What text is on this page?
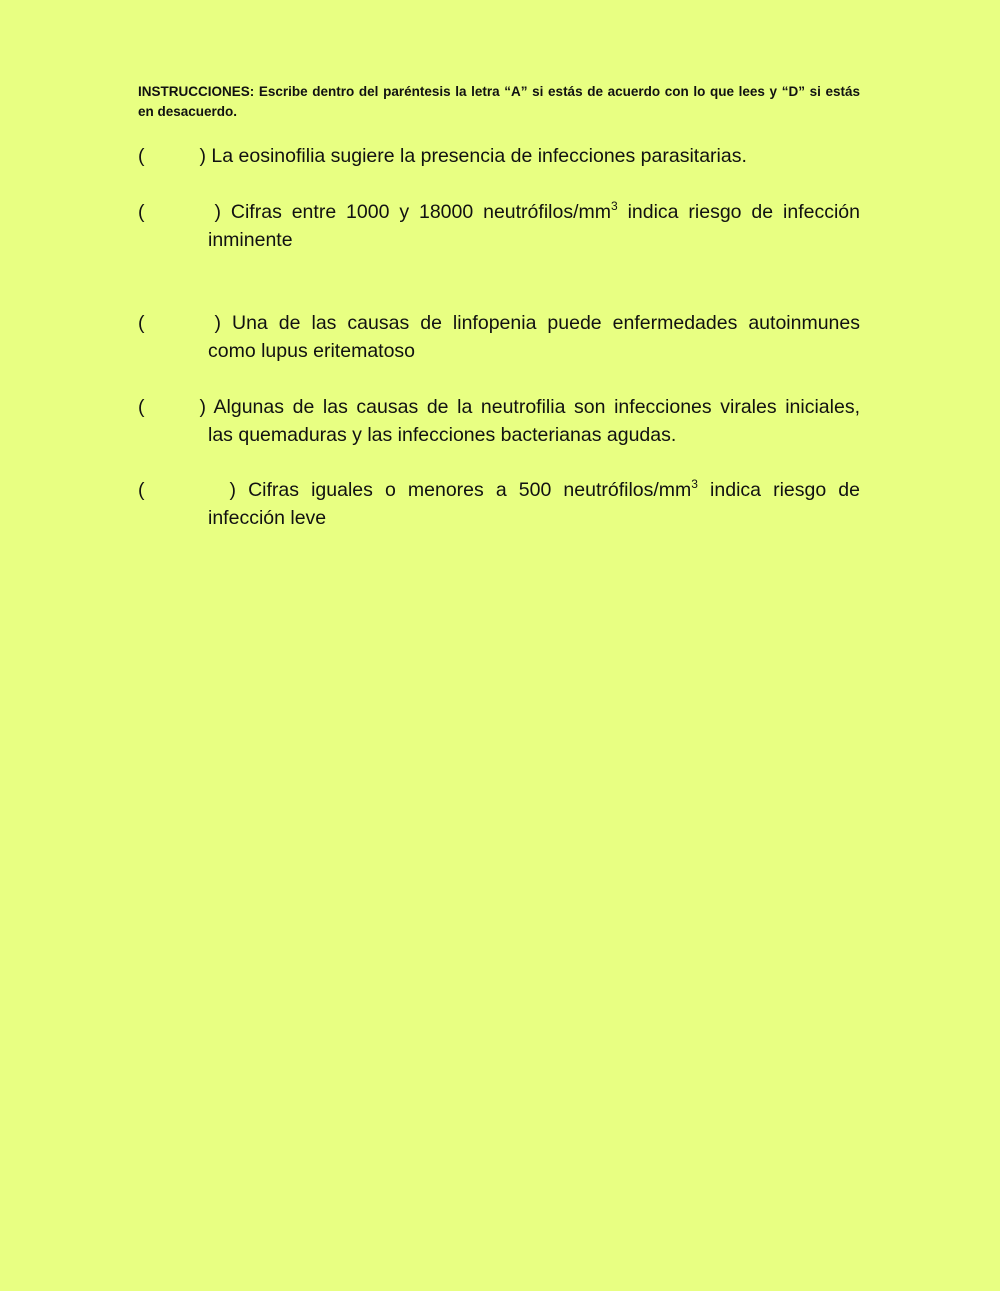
INSTRUCCIONES: Escribe dentro del paréntesis la letra “A” si estás de acuerdo con lo que lees y “D” si estás en desacuerdo.
(	) La eosinofilia sugiere la presencia de infecciones parasitarias.
(	) Cifras entre 1000 y 18000 neutrófilos/$mm^3$ indica riesgo de infección
inminente
(	) Una de las causas de linfopenia puede enfermedades autoinmunes
como lupus eritematoso
(	) Algunas de las causas de la neutrofilia son infecciones virales iniciales,
las quemaduras y las infecciones bacterianas agudas.
(	) Cifras iguales o menores a 500 neutrófilos/$mm^3$ indica riesgo de
infección leve
